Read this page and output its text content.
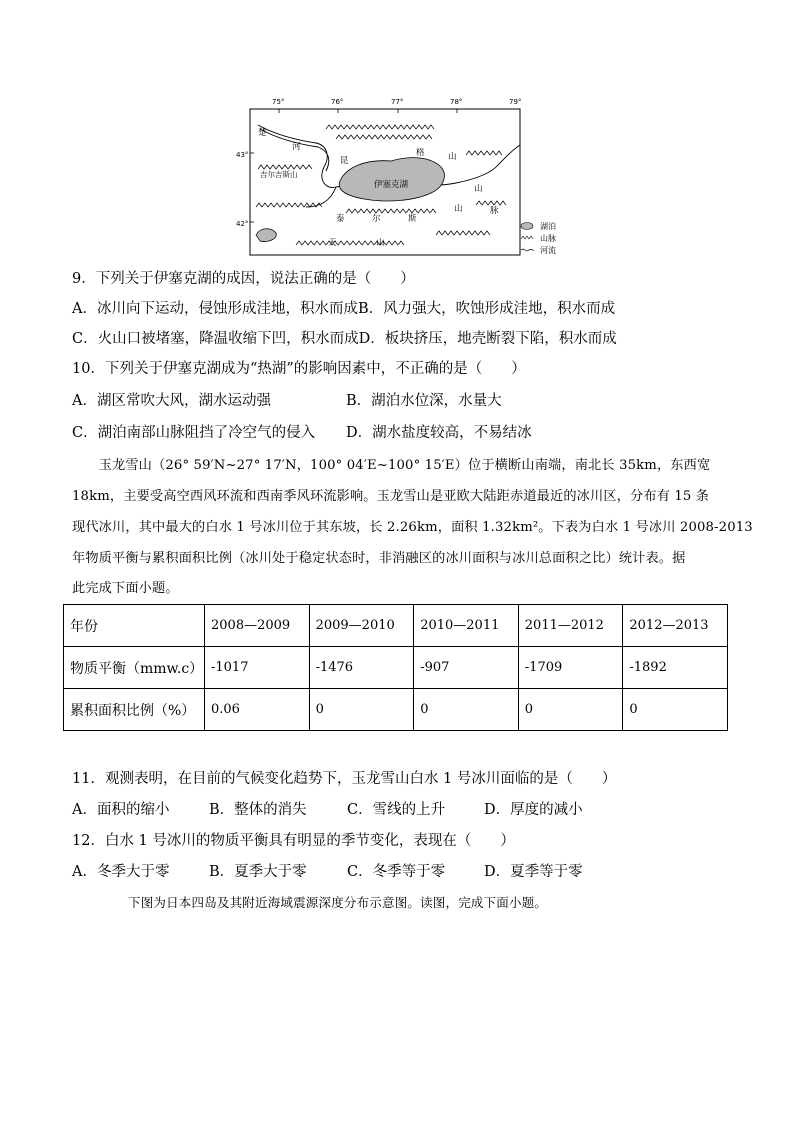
75°	76°	77°	78°	79°
43°
42°
楚
河
吉尔吉斯山
伊塞克湖
昆
格	山
泰	尔	斯
山	脉
天	山
山
湖泊
山脉
河流
9．下列关于伊塞克湖的成因，说法正确的是（　　）
A．冰川向下运动，侵蚀形成洼地，积水而成B．风力强大，吹蚀形成洼地，积水而成
C．火山口被堵塞，降温收缩下凹，积水而成D．板块挤压，地壳断裂下陷，积水而成
10．下列关于伊塞克湖成为“热湖”的影响因素中，不正确的是（　　）
A．湖区常吹大风，湖水运动强	B．湖泊水位深，水量大
C．湖泊南部山脉阻挡了冷空气的侵入 D．湖水盐度较高，不易结冰
　　玉龙雪山（26° 59′N~27° 17′N，100° 04′E~100° 15′E）位于横断山南端，南北长 35km，东西宽
18km，主要受高空西风环流和西南季风环流影响。玉龙雪山是亚欧大陆距赤道最近的冰川区，分布有 15 条
现代冰川，其中最大的白水 1 号冰川位于其东坡，长 2.26km，面积 1.32km²。下表为白水 1 号冰川 2008-2013
年物质平衡与累积面积比例（冰川处于稳定状态时，非消融区的冰川面积与冰川总面积之比）统计表。据
此完成下面小题。
年份	2008—2009	2009—2010	2010—2011	2011—2012	2012—2013
物质平衡（mmw.c）	-1017	-1476	-907	-1709	-1892
累积面积比例（%）	0.06	0	0	0	0
11．观测表明，在目前的气候变化趋势下，玉龙雪山白水 1 号冰川面临的是（　　）
A．面积的缩小	B．整体的消失	C．雪线的上升	D．厚度的减小
12．白水 1 号冰川的物质平衡具有明显的季节变化，表现在（　　）
A．冬季大于零	B．夏季大于零	C．冬季等于零	D．夏季等于零
下图为日本四岛及其附近海域震源深度分布示意图。读图，完成下面小题。
